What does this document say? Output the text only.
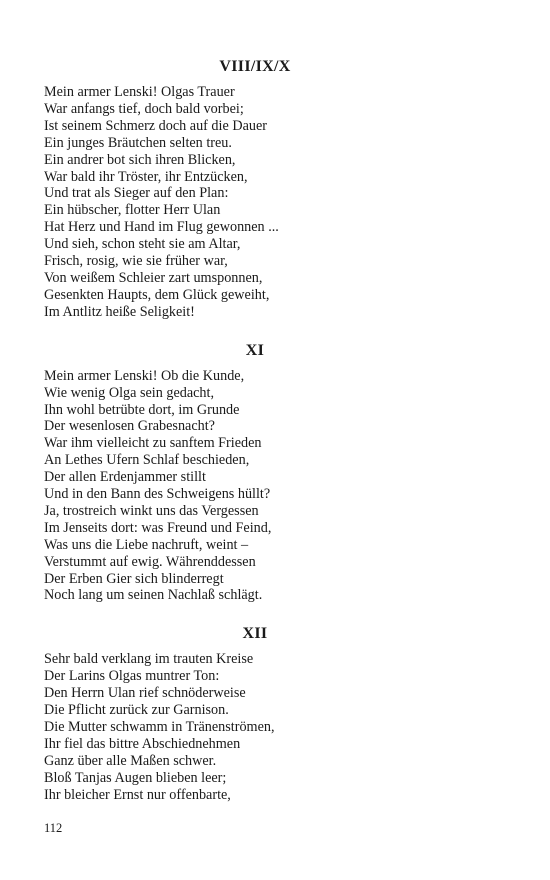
VIII/IX/X
Mein armer Lenski! Olgas Trauer
War anfangs tief, doch bald vorbei;
Ist seinem Schmerz doch auf die Dauer
Ein junges Bräutchen selten treu.
Ein andrer bot sich ihren Blicken,
War bald ihr Tröster, ihr Entzücken,
Und trat als Sieger auf den Plan:
Ein hübscher, flotter Herr Ulan
Hat Herz und Hand im Flug gewonnen ...
Und sieh, schon steht sie am Altar,
Frisch, rosig, wie sie früher war,
Von weißem Schleier zart umsponnen,
Gesenkten Haupts, dem Glück geweiht,
Im Antlitz heiße Seligkeit!
XI
Mein armer Lenski! Ob die Kunde,
Wie wenig Olga sein gedacht,
Ihn wohl betrübte dort, im Grunde
Der wesenlosen Grabesnacht?
War ihm vielleicht zu sanftem Frieden
An Lethes Ufern Schlaf beschieden,
Der allen Erdenjammer stillt
Und in den Bann des Schweigens hüllt?
Ja, trostreich winkt uns das Vergessen
Im Jenseits dort: was Freund und Feind,
Was uns die Liebe nachruft, weint –
Verstummt auf ewig. Währenddessen
Der Erben Gier sich blinderregt
Noch lang um seinen Nachlaß schlägt.
XII
Sehr bald verklang im trauten Kreise
Der Larins Olgas muntrer Ton:
Den Herrn Ulan rief schnöderweise
Die Pflicht zurück zur Garnison.
Die Mutter schwamm in Tränenströmen,
Ihr fiel das bittre Abschiednehmen
Ganz über alle Maßen schwer.
Bloß Tanjas Augen blieben leer;
Ihr bleicher Ernst nur offenbarte,
112
